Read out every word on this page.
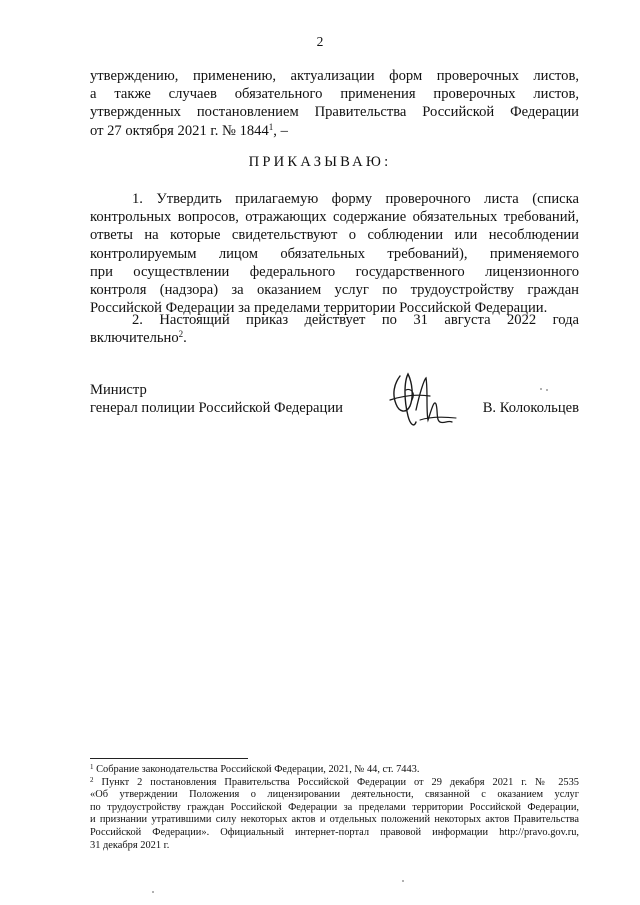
2
утверждению, применению, актуализации форм проверочных листов,
а также случаев обязательного применения проверочных листов,
утвержденных постановлением Правительства Российской Федерации
от 27 октября 2021 г. № 1844$^1$, –
ПРИКАЗЫВАЮ:
1. Утвердить прилагаемую форму проверочного листа (списка
контрольных вопросов, отражающих содержание обязательных требований,
ответы на которые свидетельствуют о соблюдении или несоблюдении
контролируемым лицом обязательных требований), применяемого
при осуществлении федерального государственного лицензионного
контроля (надзора) за оказанием услуг по трудоустройству граждан
Российской Федерации за пределами территории Российской Федерации.
2. Настоящий приказ действует по 31 августа 2022 года
включительно$^2$.
Министр
генерал полиции Российской Федерации	В. Колокольцев
$^1$ Собрание законодательства Российской Федерации, 2021, № 44, ст. 7443.
$^2$ Пункт 2 постановления Правительства Российской Федерации от 29 декабря 2021 г. № 2535
«Об утверждении Положения о лицензировании деятельности, связанной с оказанием услуг
по трудоустройству граждан Российской Федерации за пределами территории Российской Федерации,
и признании утратившими силу некоторых актов и отдельных положений некоторых актов Правительства
Российской Федерации». Официальный интернет-портал правовой информации http://pravo.gov.ru,
31 декабря 2021 г.
